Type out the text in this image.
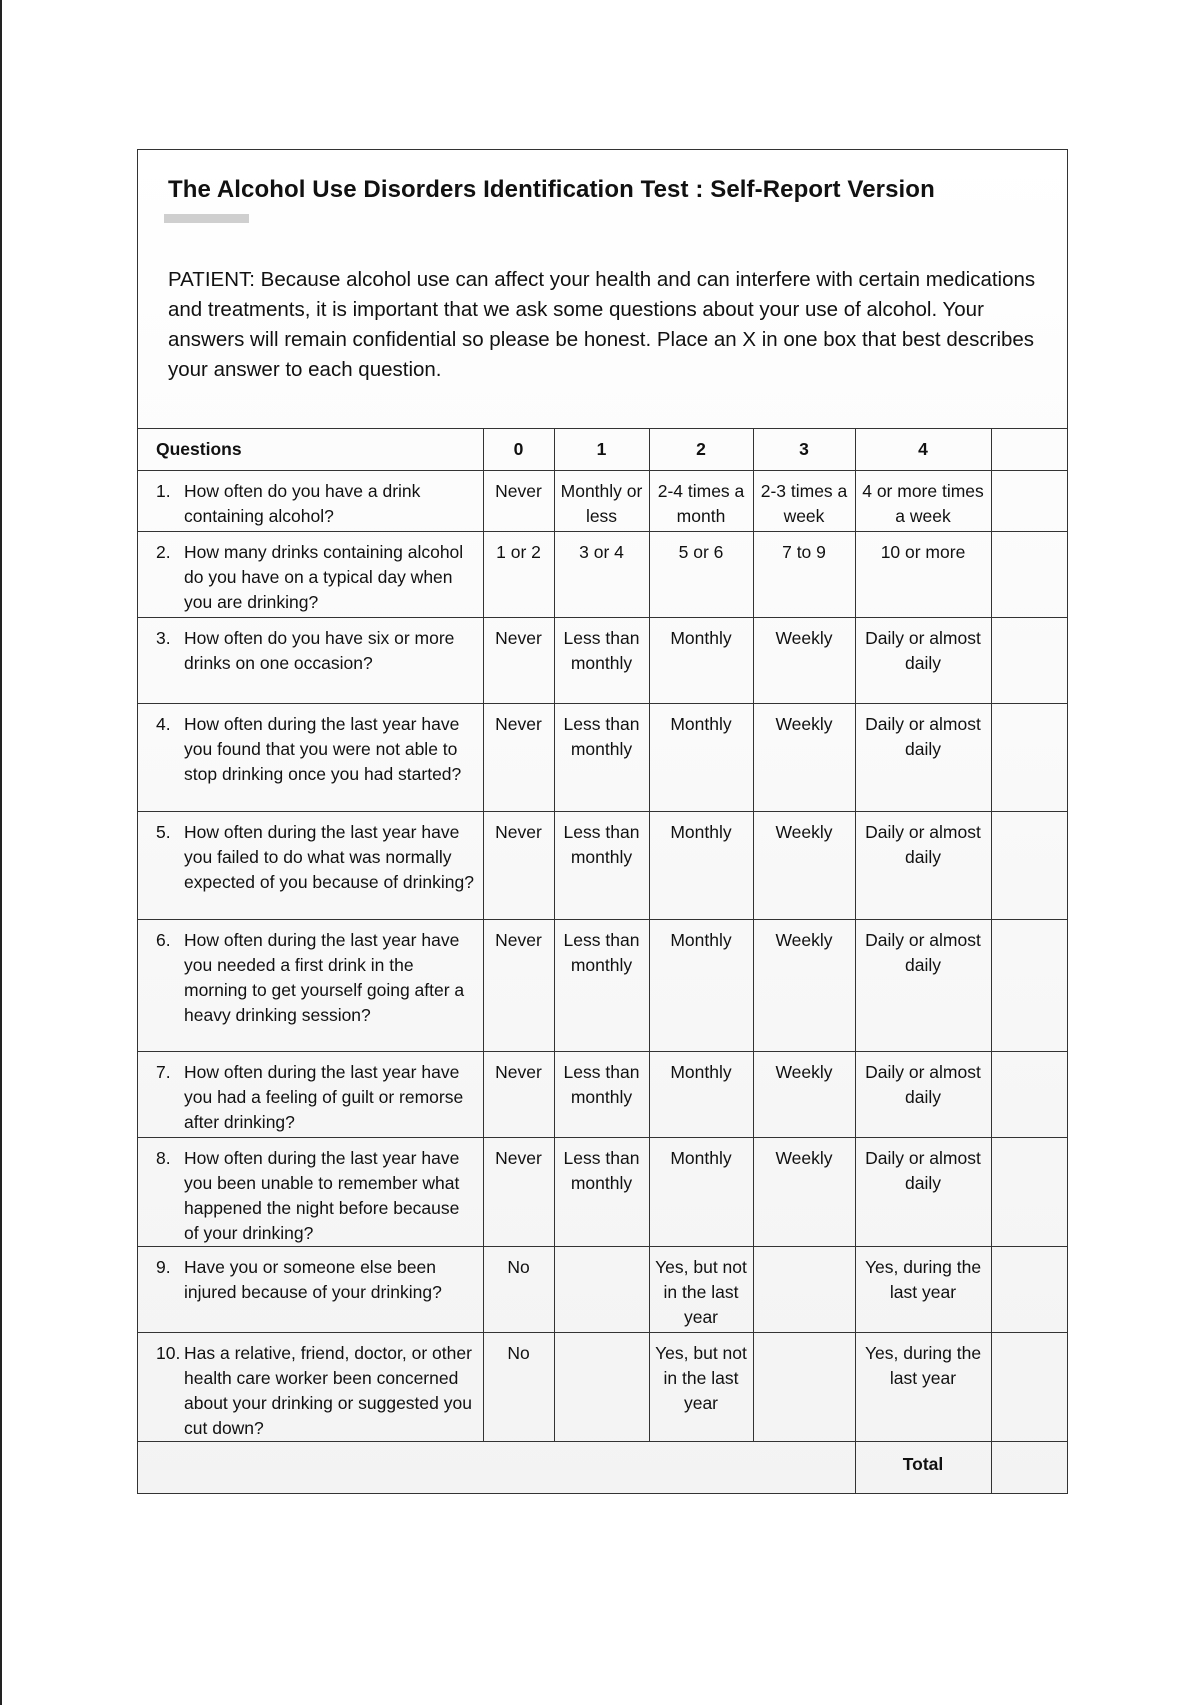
The Alcohol Use Disorders Identification Test : Self-Report Version

PATIENT: Because alcohol use can affect your health and can interfere with certain medications and treatments, it is important that we ask some questions about your use of alcohol. Your answers will remain confidential so please be honest. Place an X in one box that best describes your answer to each question.

Questions	0	1	2	3	4	

1. How often do you have a drink containing alcohol?	Never	Monthly or less	2-4 times a month	2-3 times a week	4 or more times a week	

2. How many drinks containing alcohol do you have on a typical day when you are drinking?	1 or 2	3 or 4	5 or 6	7 to 9	10 or more	

3. How often do you have six or more drinks on one occasion?	Never	Less than monthly	Monthly	Weekly	Daily or almost daily	

4. How often during the last year have you found that you were not able to stop drinking once you had started?	Never	Less than monthly	Monthly	Weekly	Daily or almost daily	

5. How often during the last year have you failed to do what was normally expected of you because of drinking?	Never	Less than monthly	Monthly	Weekly	Daily or almost daily	

6. How often during the last year have you needed a first drink in the morning to get yourself going after a heavy drinking session?	Never	Less than monthly	Monthly	Weekly	Daily or almost daily	

7. How often during the last year have you had a feeling of guilt or remorse after drinking?	Never	Less than monthly	Monthly	Weekly	Daily or almost daily	

8. How often during the last year have you been unable to remember what happened the night before because of your drinking?	Never	Less than monthly	Monthly	Weekly	Daily or almost daily	

9. Have you or someone else been injured because of your drinking?	No		Yes, but not in the last year		Yes, during the last year	

10. Has a relative, friend, doctor, or other health care worker been concerned about your drinking or suggested you cut down?	No		Yes, but not in the last year		Yes, during the last year	

					Total	
